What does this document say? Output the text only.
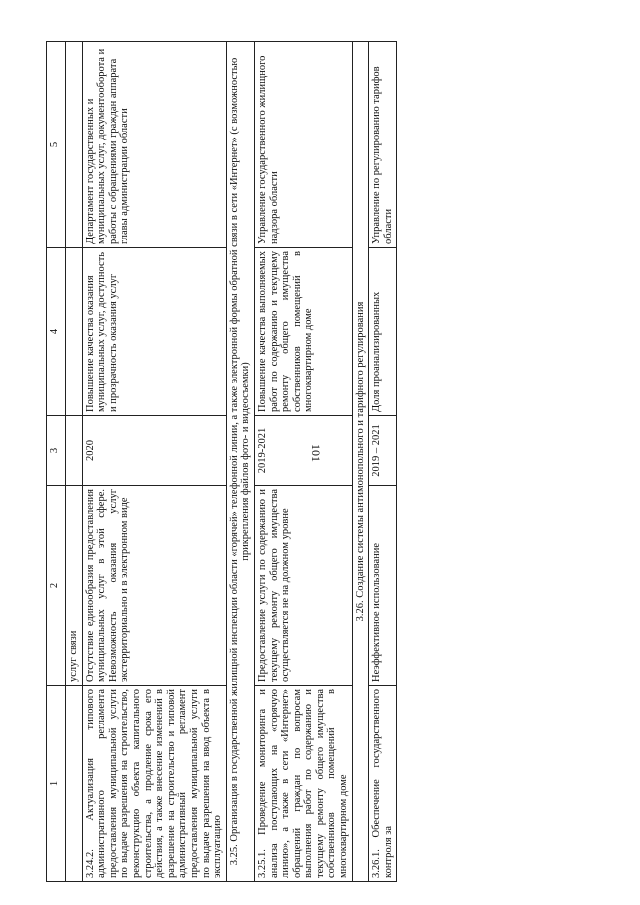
101
1	2	3	4	5
	услуг связи			
3.24.2. Актуализация типового административного регламента предоставления муниципальной услуги по выдаче разрешения на строительство, реконструкцию объекта капитального строительства, а продление срока его действия, а также внесение изменений в разрешение на строительство и типовой административный регламент предоставления муниципальной услуги по выдаче разрешения на ввод объекта в эксплуатацию	Отсутствие единообразия предоставления муниципальных услуг в этой сфере. Невозможность оказания услуг экстерриториально и в электронном виде	2020	Повышение качества оказания муниципальных услуг, доступность и прозрачность оказания услуг	Департамент государственных и муниципальных услуг, документооборота и работы с обращениями граждан аппарата главы администрации области
3.25. Организация в государственной жилищной инспекции области «горячей» телефонной линии, а также электронной формы обратной связи в сети «Интернет» (с возможностью прикрепления файлов фото- и видеосъемки)				
3.25.1. Проведение мониторинга и анализа поступающих на «горячую линию», а также в сети «Интернет» обращений граждан по вопросам выполнения работ по содержанию и текущему ремонту общего имущества собственников помещений в многоквартирном доме	Предоставление услуги по содержанию и текущему ремонту общего имущества осуществляется не на должном уровне	2019-2021	Повышение качества выполняемых работ по содержанию и текущему ремонту общего имущества собственников помещений в многоквартирном доме	Управление государственного жилищного надзора области
3.26. Создание системы антимонопольного и тарифного регулирования				
3.26.1. Обеспечение государственного контроля за	Неэффективное использование	2019 – 2021	Доля проанализированных	Управление по регулированию тарифов области
